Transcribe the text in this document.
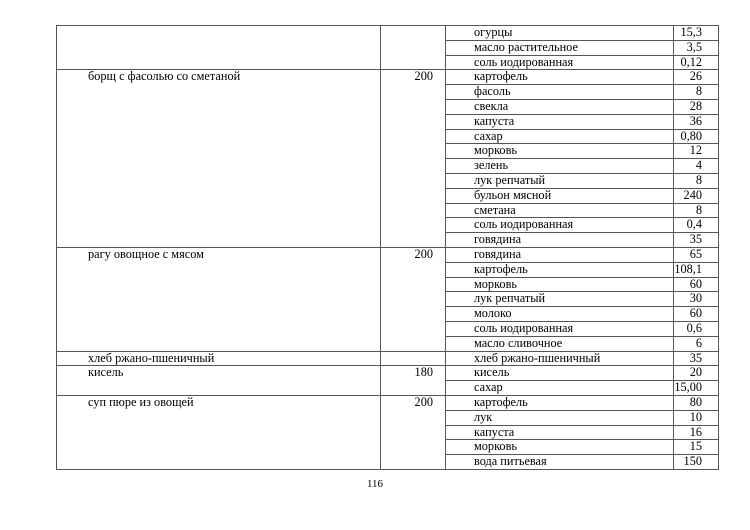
		огурцы	15,3
		масло растительное	3,5
		соль иодированная	0,12
борщ с фасолью со сметаной	200	картофель	26
		фасоль	8
		свекла	28
		капуста	36
		сахар	0,80
		морковь	12
		зелень	4
		лук репчатый	8
		бульон мясной	240
		сметана	8
		соль иодированная	0,4
		говядина	35
рагу овощное с мясом	200	говядина	65
		картофель	108,1
		морковь	60
		лук репчатый	30
		молоко	60
		соль иодированная	0,6
		масло сливочное	6
хлеб ржано-пшеничный		хлеб ржано-пшеничный	35
кисель	180	кисель	20
		сахар	15,00
суп пюре из овощей	200	картофель	80
		лук	10
		капуста	16
		морковь	15
		вода питьевая	150
116
